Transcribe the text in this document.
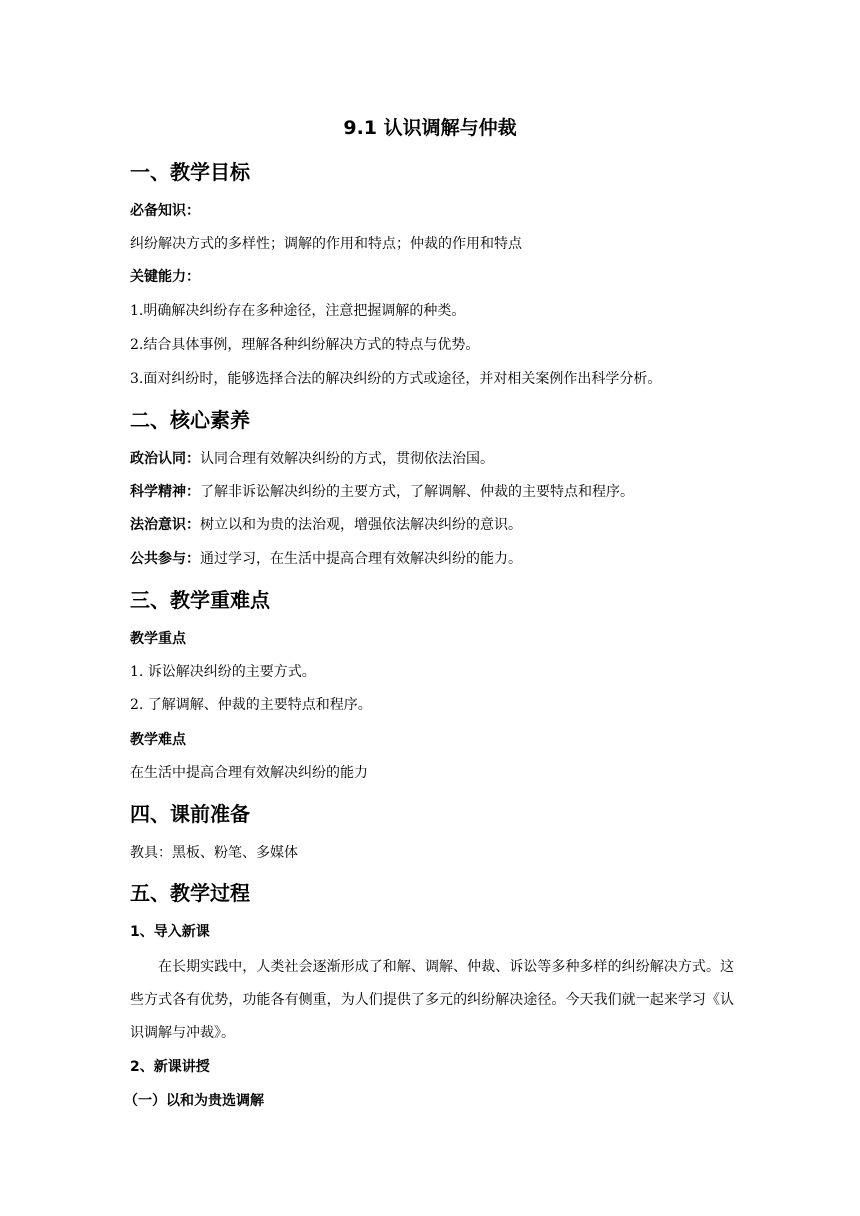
9.1 认识调解与仲裁
一、教学目标
必备知识：
纠纷解决方式的多样性；调解的作用和特点；仲裁的作用和特点
关键能力：
1.明确解决纠纷存在多种途径，注意把握调解的种类。
2.结合具体事例，理解各种纠纷解决方式的特点与优势。
3.面对纠纷时，能够选择合法的解决纠纷的方式或途径，并对相关案例作出科学分析。
二、核心素养
政治认同：认同合理有效解决纠纷的方式，贯彻依法治国。
科学精神：了解非诉讼解决纠纷的主要方式，了解调解、仲裁的主要特点和程序。
法治意识：树立以和为贵的法治观，增强依法解决纠纷的意识。
公共参与：通过学习，在生活中提高合理有效解决纠纷的能力。
三、教学重难点
教学重点
1. 诉讼解决纠纷的主要方式。
2. 了解调解、仲裁的主要特点和程序。
教学难点
在生活中提高合理有效解决纠纷的能力
四、课前准备
教具：黑板、粉笔、多媒体
五、教学过程
1、导入新课
在长期实践中，人类社会逐渐形成了和解、调解、仲裁、诉讼等多种多样的纠纷解决方式。这些方式各有优势，功能各有侧重，为人们提供了多元的纠纷解决途径。今天我们就一起来学习《认识调解与冲裁》。
2、新课讲授
（一）以和为贵选调解
